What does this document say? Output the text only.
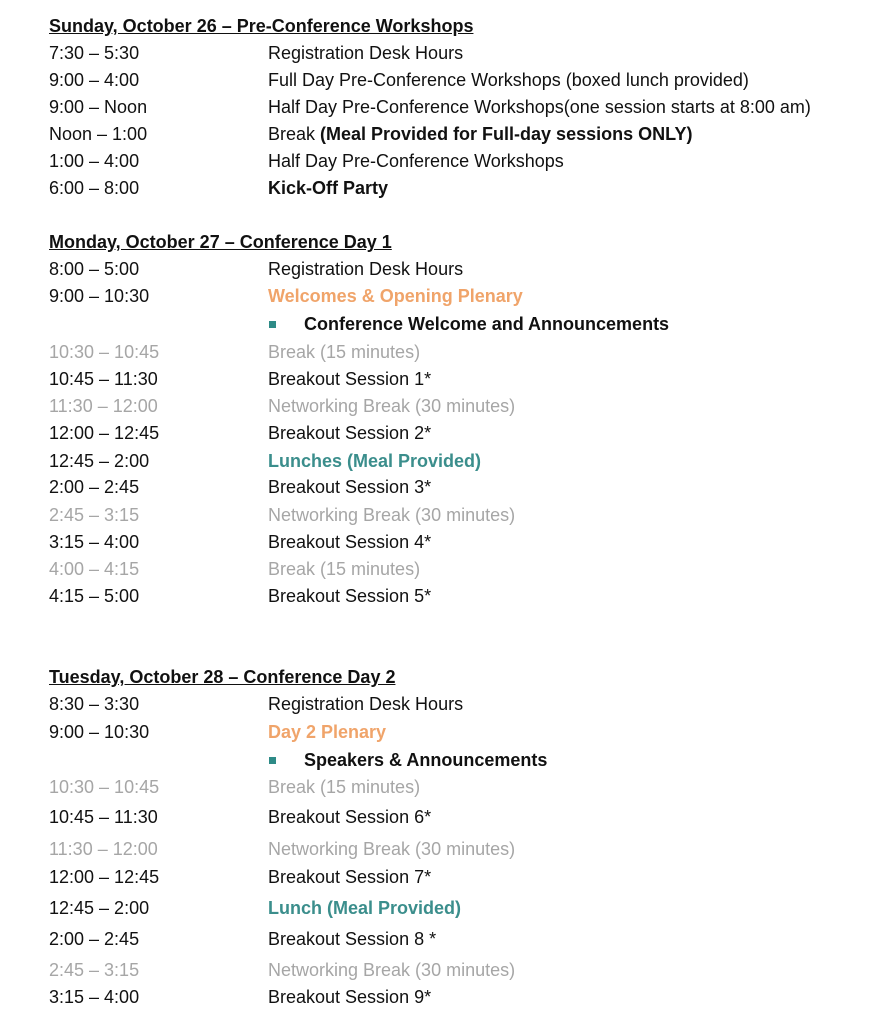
Sunday, October 26 – Pre-Conference Workshops
7:30 – 5:30	Registration Desk Hours
9:00 – 4:00	Full Day Pre-Conference Workshops (boxed lunch provided)
9:00 – Noon	Half Day Pre-Conference Workshops(one session starts at 8:00 am)
Noon – 1:00	Break (Meal Provided for Full-day sessions ONLY)
1:00 – 4:00	Half Day Pre-Conference Workshops
6:00 – 8:00	Kick-Off Party
Monday, October 27 – Conference Day 1
8:00 – 5:00	Registration Desk Hours
9:00 – 10:30	Welcomes & Opening Plenary
Conference Welcome and Announcements
10:30 – 10:45	Break (15 minutes)
10:45 – 11:30	Breakout Session 1*
11:30 – 12:00	Networking Break (30 minutes)
12:00 – 12:45	Breakout Session 2*
12:45 – 2:00	Lunches (Meal Provided)
2:00 – 2:45	Breakout Session 3*
2:45 – 3:15	Networking Break (30 minutes)
3:15 – 4:00	Breakout Session 4*
4:00 – 4:15	Break (15 minutes)
4:15 – 5:00	Breakout Session 5*
Tuesday, October 28 – Conference Day 2
8:30 – 3:30	Registration Desk Hours
9:00 – 10:30	Day 2 Plenary
Speakers & Announcements
10:30 – 10:45	Break (15 minutes)
10:45 – 11:30	Breakout Session 6*
11:30 – 12:00	Networking Break (30 minutes)
12:00 – 12:45	Breakout Session 7*
12:45 – 2:00	Lunch (Meal Provided)
2:00 – 2:45	Breakout Session 8 *
2:45 – 3:15	Networking Break (30 minutes)
3:15 – 4:00	Breakout Session 9*
